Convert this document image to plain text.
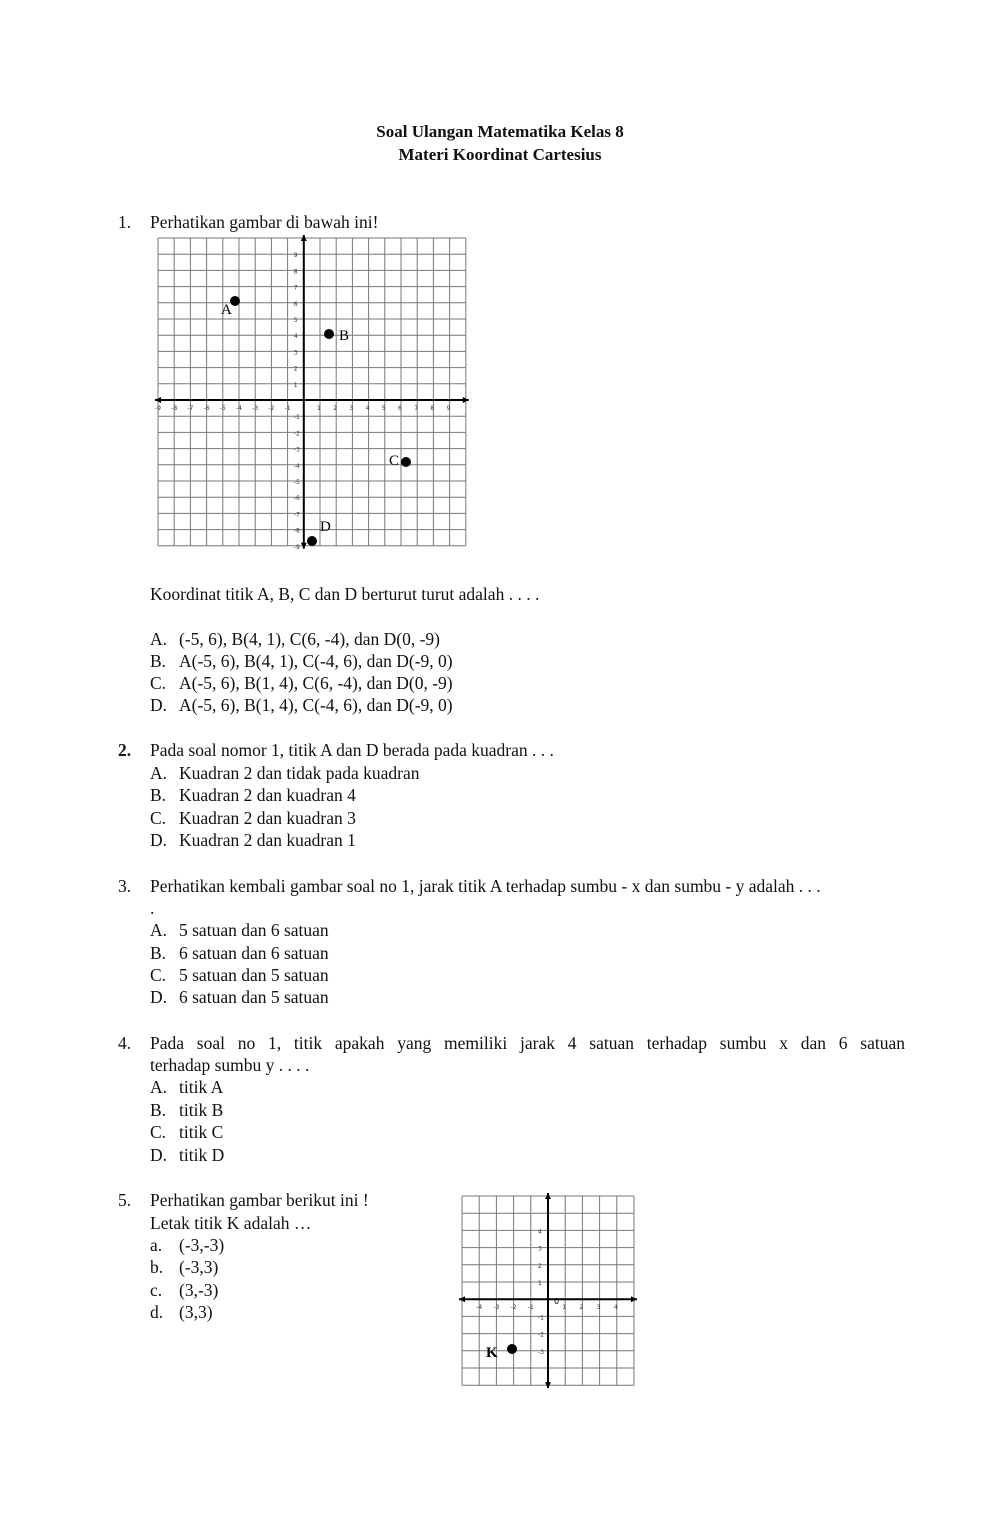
Soal Ulangan Matematika Kelas 8
Materi Koordinat Cartesius
1. Perhatikan gambar di bawah ini!
-9 -8 -7 -6 -5 -4 -3 -2 -1	1 2 3 4 5 6 7 8 9
9
8
7
6
5
4
3
2
1
-1
-2
-3
-4
-5
-6
-7
-8
-9
A
B
C
D
Koordinat titik A, B, C dan D berturut turut adalah . . . .
A. (-5, 6), B(4, 1), C(6, -4), dan D(0, -9)
B. A(-5, 6), B(4, 1), C(-4, 6), dan D(-9, 0)
C. A(-5, 6), B(1, 4), C(6, -4), dan D(0, -9)
D. A(-5, 6), B(1, 4), C(-4, 6), dan D(-9, 0)
2. Pada soal nomor 1, titik A dan D berada pada kuadran . . .
A. Kuadran 2 dan tidak pada kuadran
B. Kuadran 2 dan kuadran 4
C. Kuadran 2 dan kuadran 3
D. Kuadran 2 dan kuadran 1
3. Perhatikan kembali gambar soal no 1, jarak titik A terhadap sumbu - x dan sumbu - y adalah . . .
.
A. 5 satuan dan 6 satuan
B. 6 satuan dan 6 satuan
C. 5 satuan dan 5 satuan
D. 6 satuan dan 5 satuan
4. Pada soal no 1, titik apakah yang memiliki jarak 4 satuan terhadap sumbu x dan 6 satuan
terhadap sumbu y . . . .
A. titik A
B. titik B
C. titik C
D. titik D
5. Perhatikan gambar berikut ini !
Letak titik K adalah …
a. (-3,-3)
b. (-3,3)
c. (3,-3)
d. (3,3)	-4 -3 -2 -1	1 2 3 4
4
3
2
1
-1
-2
-3
0
K
